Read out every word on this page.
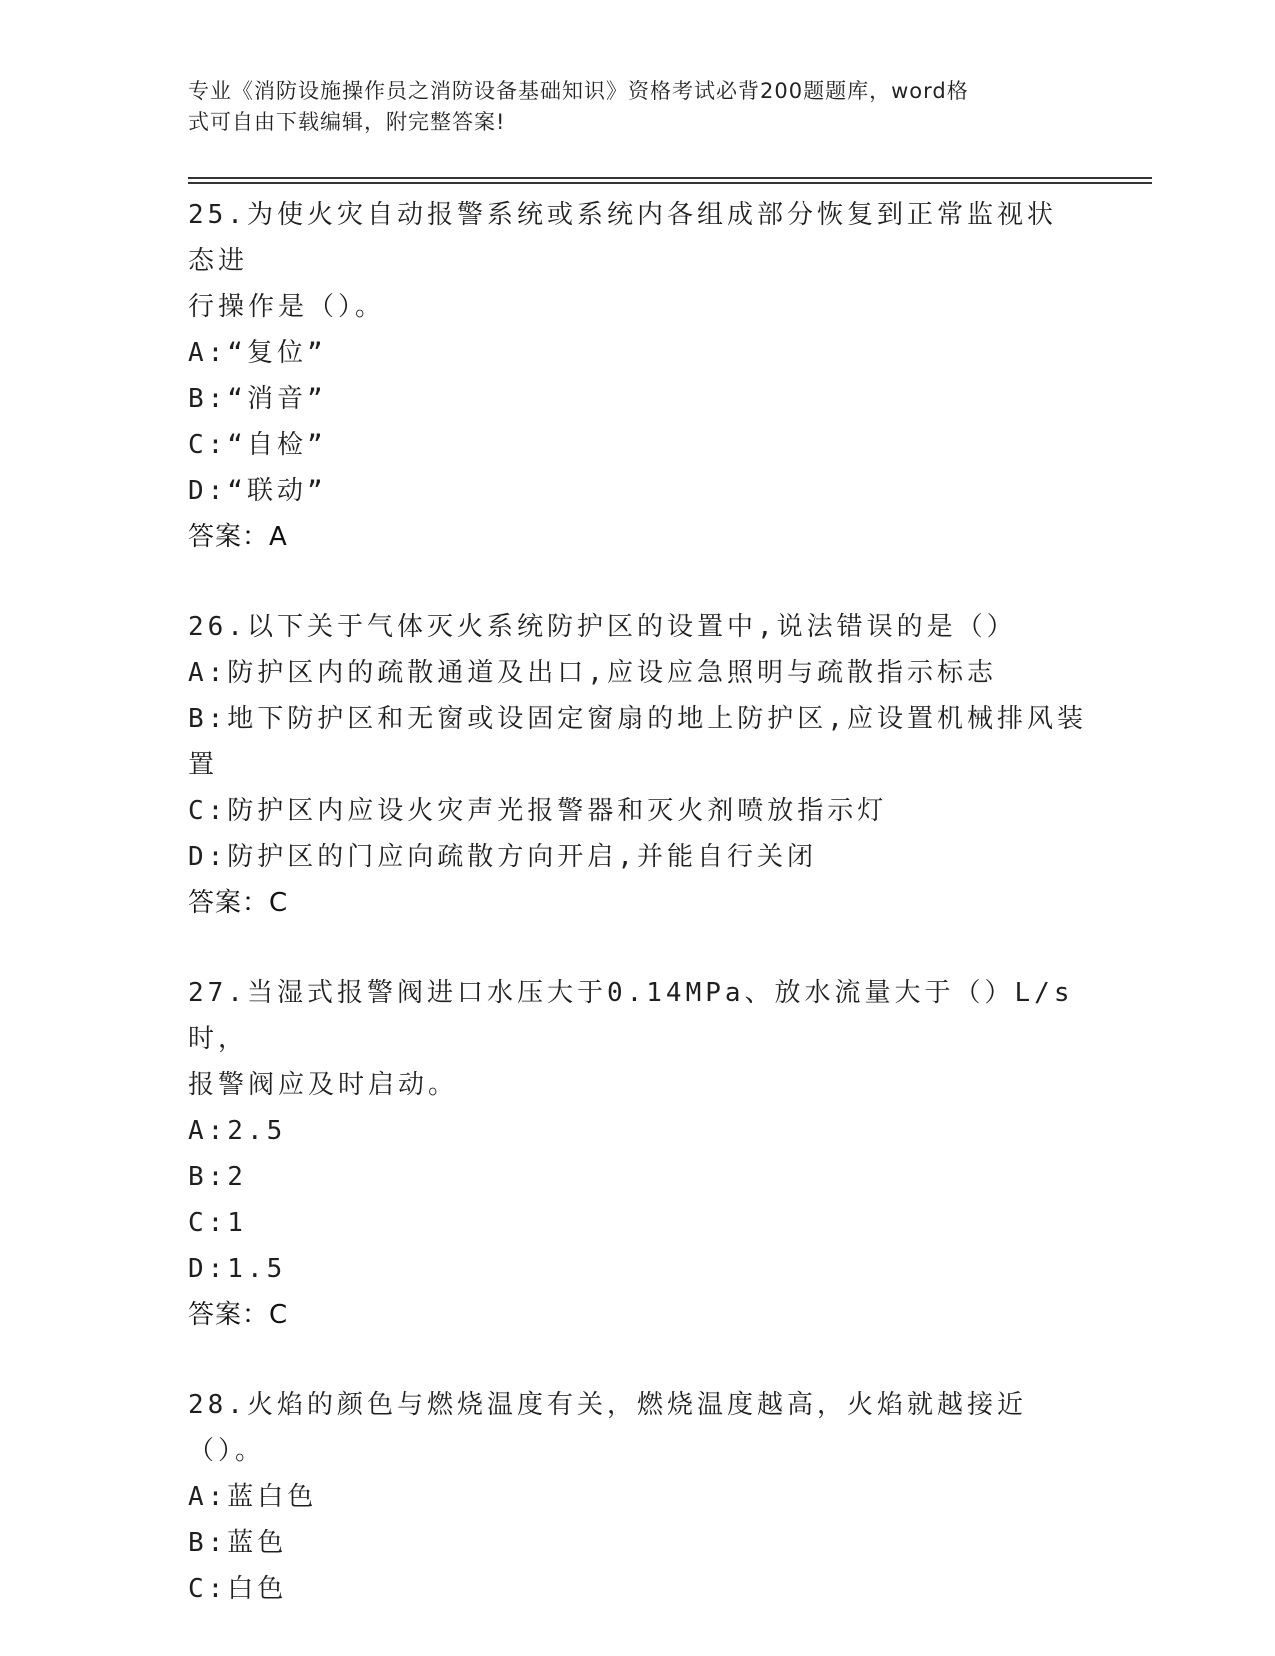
专业《消防设施操作员之消防设备基础知识》资格考试必背200题题库，word格
式可自由下载编辑，附完整答案!
25.为使火灾自动报警系统或系统内各组成部分恢复到正常监视状态进
行操作是（）。
A:“复位”
B:“消音”
C:“自检”
D:“联动”
答案：A
26.以下关于气体灭火系统防护区的设置中,说法错误的是（）
A:防护区内的疏散通道及出口,应设应急照明与疏散指示标志
B:地下防护区和无窗或设固定窗扇的地上防护区,应设置机械排风装
置
C:防护区内应设火灾声光报警器和灭火剂喷放指示灯
D:防护区的门应向疏散方向开启,并能自行关闭
答案：C
27.当湿式报警阀进口水压大于0.14MPa、放水流量大于（）L/s时，
报警阀应及时启动。
A:2.5
B:2
C:1
D:1.5
答案：C
28.火焰的颜色与燃烧温度有关，燃烧温度越高，火焰就越接近（）。
A:蓝白色
B:蓝色
C:白色
